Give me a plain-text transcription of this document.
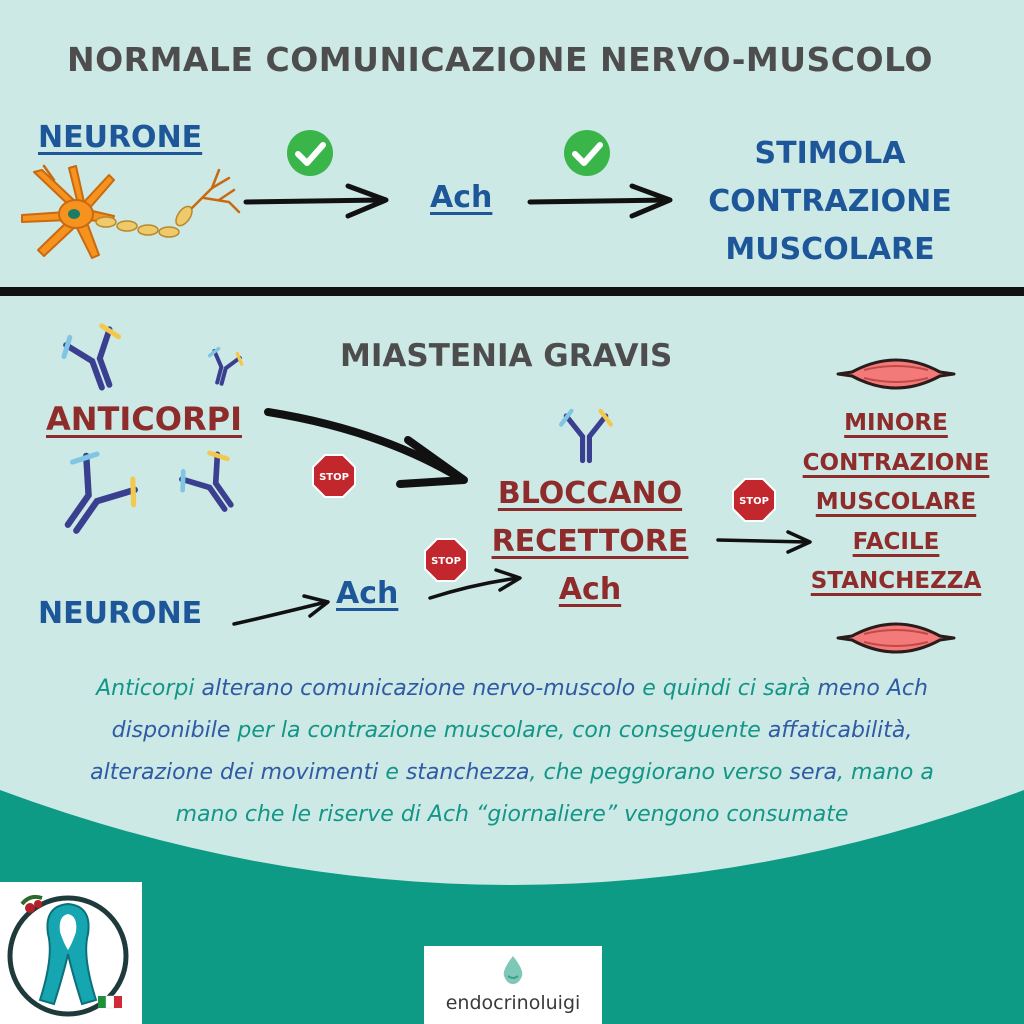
NORMALE COMUNICAZIONE NERVO-MUSCOLO
NEURONE
Ach
STIMOLA
CONTRAZIONE
MUSCOLARE
MIASTENIA GRAVIS
ANTICORPI
STOP
STOP
STOP
BLOCCANO
RECETTORE
Ach
NEURONE
Ach
MINORE
CONTRAZIONE
MUSCOLARE
FACILE
STANCHEZZA
Anticorpi alterano comunicazione nervo-muscolo e quindi ci sarà meno Ach disponibile per la contrazione muscolare, con conseguente affaticabilità, alterazione dei movimenti e stanchezza, che peggiorano verso sera, mano a mano che le riserve di Ach “giornaliere” vengono consumate
endocrinoluigi
